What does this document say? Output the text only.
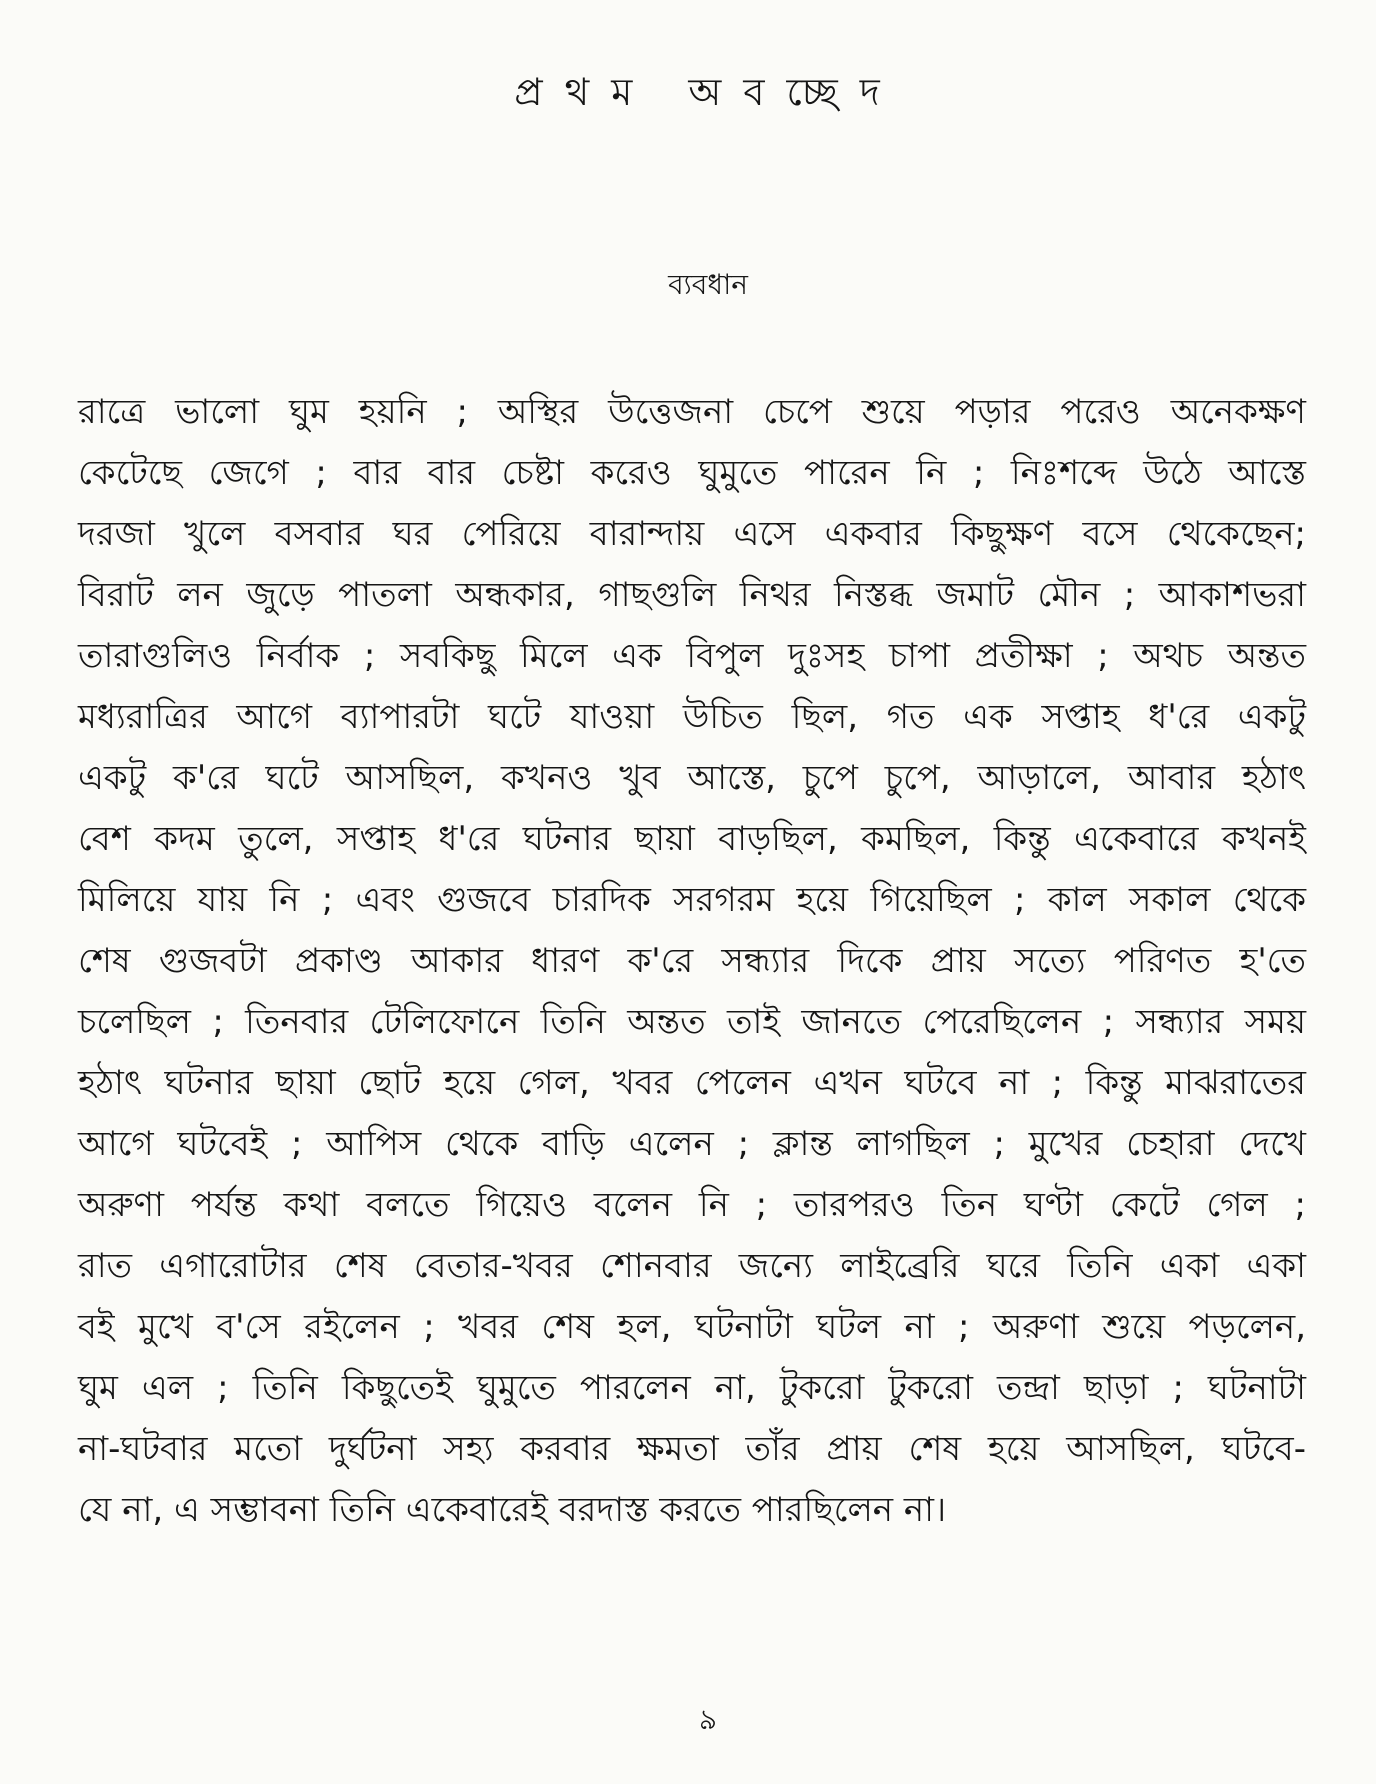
প্রথম অবচ্ছেদ
ব্যবধান
রাত্রে ভালো ঘুম হয়নি ; অস্থির উত্তেজনা চেপে শুয়ে পড়ার পরেও অনেকক্ষণ
কেটেছে জেগে ; বার বার চেষ্টা করেও ঘুমুতে পারেন নি ; নিঃশব্দে উঠে আস্তে
দরজা খুলে বসবার ঘর পেরিয়ে বারান্দায় এসে একবার কিছুক্ষণ বসে থেকেছেন;
বিরাট লন জুড়ে পাতলা অন্ধকার, গাছগুলি নিথর নিস্তব্ধ জমাট মৌন ; আকাশভরা
তারাগুলিও নির্বাক ; সবকিছু মিলে এক বিপুল দুঃসহ চাপা প্রতীক্ষা ; অথচ অন্তত
মধ্যরাত্রির আগে ব্যাপারটা ঘটে যাওয়া উচিত ছিল, গত এক সপ্তাহ ধ'রে একটু
একটু ক'রে ঘটে আসছিল, কখনও খুব আস্তে, চুপে চুপে, আড়ালে, আবার হঠাৎ
বেশ কদম তুলে, সপ্তাহ ধ'রে ঘটনার ছায়া বাড়ছিল, কমছিল, কিন্তু একেবারে কখনই
মিলিয়ে যায় নি ; এবং গুজবে চারদিক সরগরম হয়ে গিয়েছিল ; কাল সকাল থেকে
শেষ গুজবটা প্রকাণ্ড আকার ধারণ ক'রে সন্ধ্যার দিকে প্রায় সত্যে পরিণত হ'তে
চলেছিল ; তিনবার টেলিফোনে তিনি অন্তত তাই জানতে পেরেছিলেন ; সন্ধ্যার সময়
হঠাৎ ঘটনার ছায়া ছোট হয়ে গেল, খবর পেলেন এখন ঘটবে না ; কিন্তু মাঝরাতের
আগে ঘটবেই ; আপিস থেকে বাড়ি এলেন ; ক্লান্ত লাগছিল ; মুখের চেহারা দেখে
অরুণা পর্যন্ত কথা বলতে গিয়েও বলেন নি ; তারপরও তিন ঘণ্টা কেটে গেল ;
রাত এগারোটার শেষ বেতার-খবর শোনবার জন্যে লাইব্রেরি ঘরে তিনি একা একা
বই মুখে ব'সে রইলেন ; খবর শেষ হল, ঘটনাটা ঘটল না ; অরুণা শুয়ে পড়লেন,
ঘুম এল ; তিনি কিছুতেই ঘুমুতে পারলেন না, টুকরো টুকরো তন্দ্রা ছাড়া ; ঘটনাটা
না-ঘটবার মতো দুর্ঘটনা সহ্য করবার ক্ষমতা তাঁর প্রায় শেষ হয়ে আসছিল, ঘটবে-
যে না, এ সম্ভাবনা তিনি একেবারেই বরদাস্ত করতে পারছিলেন না।
৯
